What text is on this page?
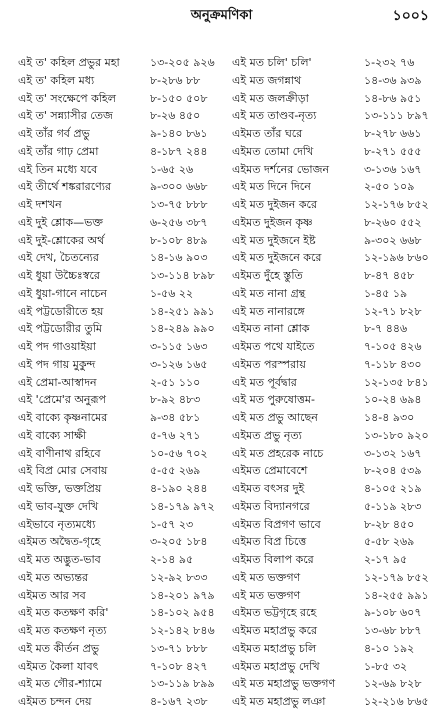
অনুক্রমণিকা	১০০১
এই ত' কহিল প্রভুর মহা	১৩-২০৫ ৯২৬
এই ত' কহিল মধ্য	৮-২৮৬ ৮৮
এই ত' সংক্ষেপে কহিল	৮-১৫০ ৫০৮
এই ত' সন্ন্যাসীর তেজ	৮-২৬ ৪৫০
এই তাঁর গর্ব প্রভু	৯-১৪০ ৮৬১
এই তাঁর গাঢ় প্রেমা	৪-১৮৭ ২৪৪
এই তিন মধ্যে যবে	১-৬৫ ২৬
এই তীর্থে শঙ্করারণ্যের	৯-৩০০ ৬৬৮
এই দশখন	১৩-৭৫ ৮৮৮
এই দুই শ্লোক—ভক্ত	৬-২৫৬ ৩৮৭
এই দুই-শ্লোকের অর্থ	৮-১০৮ ৪৮৯
এই দেখ, চৈতন্যের	১৪-১৬ ৯০৩
এই ধুয়া উচ্চৈঃস্বরে	১৩-১১৪ ৮৯৮
এই ধুয়া-গানে নাচেন	১-৫৬ ২২
এই পট্টডোরীতে হয়	১৪-২৫১ ৯৯১
এই পট্টডোরীর তুমি	১৪-২৪৯ ৯৯০
এই পদ গাওয়াইয়া	৩-১১৫ ১৬৩
এই পদ গায় মুকুন্দ	৩-১২৬ ১৬৫
এই প্রেমা-আস্বাদন	২-৫১ ১১০
এই 'প্রেমে'র অনুরূপ	৮-৯২ ৪৮৩
এই বাক্যে কৃষ্ণনামের	৯-৩৪ ৫৮১
এই বাক্যে সাক্ষী	৫-৭৬ ২৭১
এই বাণীনাথ রহিবে	১০-৫৬ ৭০২
এই বিপ্র মোর সেবায়	৫-৫৫ ২৬৯
এই ভক্তি, ভক্তপ্রিয়	৪-১৯০ ২৪৪
এই ভাব-যুক্ত দেখি	১৪-১৭৯ ৯৭২
এইভাবে নৃত্যমধ্যে	১-৫৭ ২৩
এইমত অদ্বৈত-গৃহে	৩-২০৫ ১৮৪
এই মত অদ্ভুত-ভাব	২-১৪ ৯৫
এই মত অভ্যন্তর	১২-৯২ ৮৩৩
এইমত আর সব	১৪-২০১ ৯৭৯
এই মত কতক্ষণ করি'	১৪-১০২ ৯৫৪
এই মত কতক্ষণ নৃত্য	১২-১৪২ ৮৪৬
এই মত কীর্তন প্রভু	১৩-৭১ ৮৮৮
এইমত কৈলা যাবৎ	৭-১০৮ ৪২৭
এই মত গৌর-শ্যামে	১৩-১১৯ ৮৯৯
এইমত চন্দন দেয়	৪-১৬৭ ২৩৮
এই মত চলি' চলি'	১-২৩২ ৭৬
এই মত জগন্নাথ	১৪-৩৬ ৯৩৯
এই মত জলক্রীড়া	১৪-৮৬ ৯৫১
এই মত তাণ্ডব-নৃত্য	১৩-১১১ ৮৯৭
এইমত তাঁর ঘরে	৮-২৭৮ ৬৬১
এইমত তোমা দেখি	৮-২৭১ ৫৫৫
এইমত দর্শনের ভোজন	৩-১৩৬ ১৬৭
এই মত দিনে দিনে	২-৫০ ১০৯
এই মত দুইজন করে	১২-১৭৬ ৮৫২
এইমত দুইজন কৃষ্ণ	৮-২৬০ ৫৫২
এই মত দুইজনে ইষ্ট	৯-৩০২ ৬৬৮
এই মত দুইজনে করে	১২-১৯৬ ৮৬০
এইমত দুঁহে স্তুতি	৮-৪৭ ৪৫৮
এই মত নানা গ্রন্থ	১-৪৫ ১৯
এই মত নানারঙ্গে	১২-৭১ ৮২৮
এইমত নানা শ্লোক	৮-৭ ৪৪৬
এইমত পথে যাইতে	৭-১০৫ ৪২৬
এইমত পরস্পরায়	৭-১১৮ ৪৩০
এই মত পূর্বদ্বার	১২-১৩৫ ৮৪১
এই মত পুরুষোত্তম-	১০-২৪ ৬৯৪
এই মত প্রভু আছেন	১৪-৪ ৯৩০
এইমত প্রভু নৃত্য	১৩-১৮০ ৯২০
এই মত প্রহরেক নাচে	৩-১৩২ ১৬৭
এইমত প্রেমাবেশে	৮-২০৪ ৫৩৯
এইমত বৎসর দুই	৪-১০৫ ২১৯
এইমত বিদ্যানগরে	৫-১১৯ ২৮৩
এইমত বিপ্রগণ ভাবে	৮-২৮ ৪৫০
এইমত বিপ্র চিত্তে	৫-৫৮ ২৬৯
এইমত বিলাপ করে	২-১৭ ৯৫
এই মত ভক্তগণ	১২-১৭৯ ৮৫২
এই মত ভক্তগণ	১৪-২৫৫ ৯৯১
এইমত ভট্টগৃহে রহে	৯-১০৮ ৬০৭
এইমত মহাপ্রভু করে	১৩-৬৮ ৮৮৭
এইমত মহাপ্রভু চলি	৪-১০ ১৯২
এইমত মহাপ্রভু দেখি	১-৮৫ ৩২
এই মত মহাপ্রভু ভক্তগণ	১২-৬৯ ৮২৮
এই মত মহাপ্রভু লঞা	১২-২১৬ ৮৬৫
